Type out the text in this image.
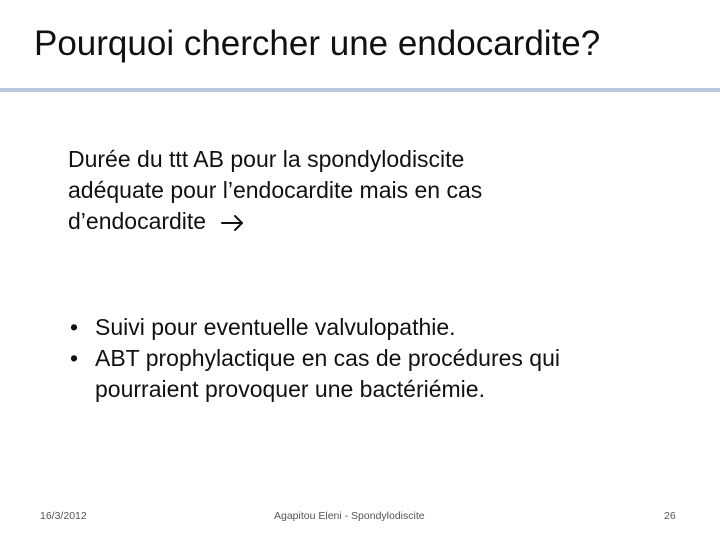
Pourquoi chercher une endocardite?
Durée du ttt AB pour la spondylodiscite
adéquate pour l’endocardite mais en cas
d’endocardite
• Suivi pour eventuelle valvulopathie.
• ABT prophylactique en cas de procédures qui
pourraient provoquer une bactériémie.
16/3/2012	Agapitou Eleni - Spondylodiscite	26
